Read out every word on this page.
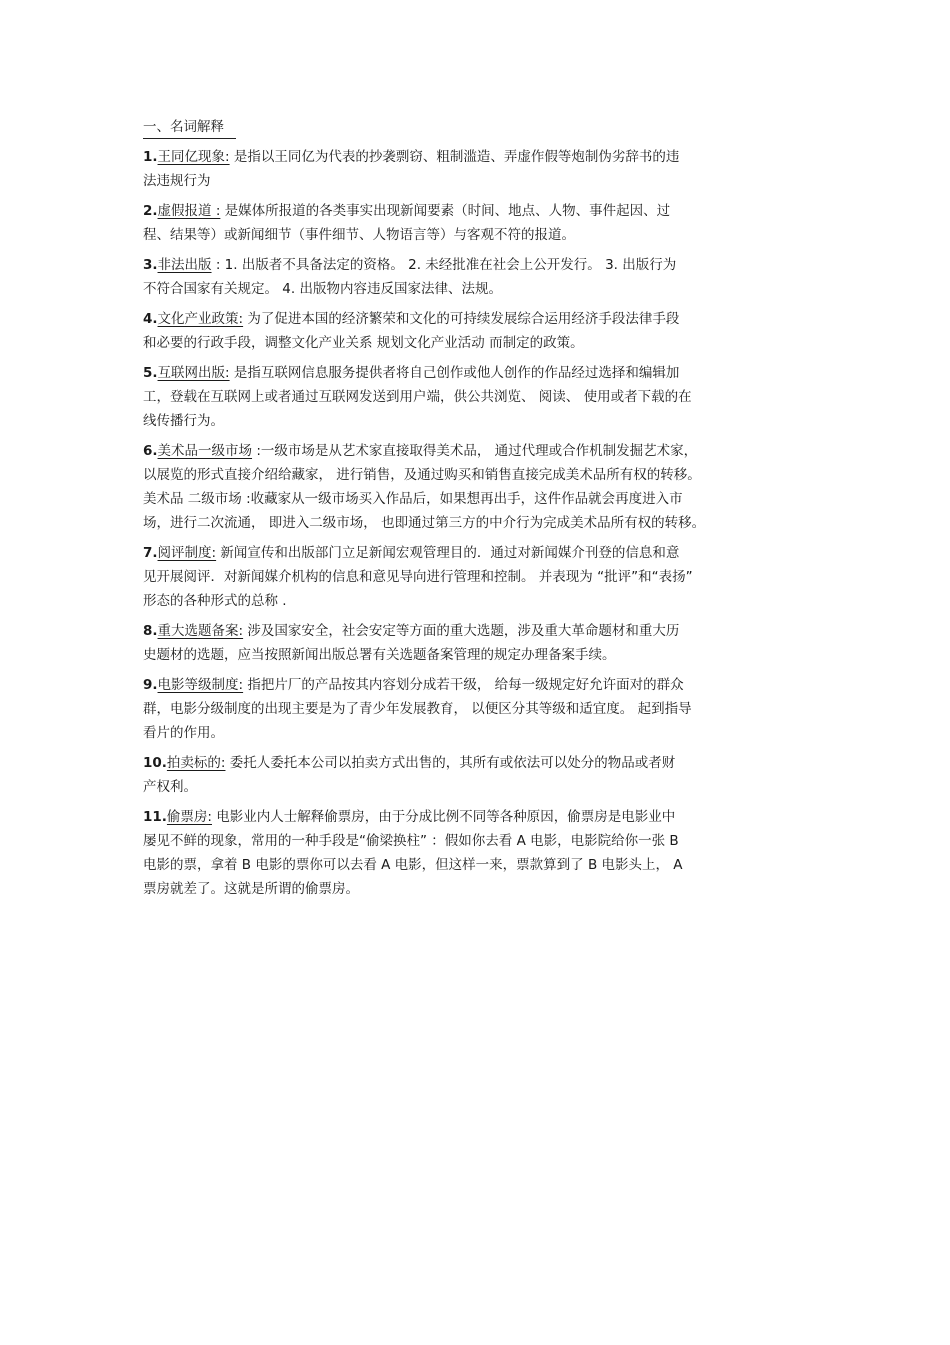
一、名词解释
1.王同亿现象: 是指以王同亿为代表的抄袭剽窃、粗制滥造、弄虚作假等炮制伪劣辞书的违
法违规行为
2.虚假报道 : 是媒体所报道的各类事实出现新闻要素（时间、地点、人物、事件起因、过
程、结果等）或新闻细节（事件细节、人物语言等）与客观不符的报道。
3.非法出版 : 1. 出版者不具备法定的资格。 2. 未经批准在社会上公开发行。 3. 出版行为
不符合国家有关规定。 4. 出版物内容违反国家法律、法规。
4.文化产业政策: 为了促进本国的经济繁荣和文化的可持续发展综合运用经济手段法律手段
和必要的行政手段，调整文化产业关系 规划文化产业活动 而制定的政策。
5.互联网出版: 是指互联网信息服务提供者将自己创作或他人创作的作品经过选择和编辑加
工，登载在互联网上或者通过互联网发送到用户端，供公共浏览、 阅读、 使用或者下载的在
线传播行为。
6.美术品一级市场 :一级市场是从艺术家直接取得美术品， 通过代理或合作机制发掘艺术家，
以展览的形式直接介绍给藏家， 进行销售，及通过购买和销售直接完成美术品所有权的转移。
美术品 二级市场 :收藏家从一级市场买入作品后，如果想再出手，这件作品就会再度进入市
场，进行二次流通， 即进入二级市场， 也即通过第三方的中介行为完成美术品所有权的转移。
7.阅评制度: 新闻宣传和出版部门立足新闻宏观管理目的．通过对新闻媒介刊登的信息和意
见开展阅评．对新闻媒介机构的信息和意见导向进行管理和控制。 并表现为 “批评”和“表扬”
形态的各种形式的总称 .
8.重大选题备案: 涉及国家安全，社会安定等方面的重大选题，涉及重大革命题材和重大历
史题材的选题，应当按照新闻出版总署有关选题备案管理的规定办理备案手续。
9.电影等级制度: 指把片厂的产品按其内容划分成若干级， 给每一级规定好允许面对的群众
群，电影分级制度的出现主要是为了青少年发展教育， 以便区分其等级和适宜度。 起到指导
看片的作用。
10.拍卖标的: 委托人委托本公司以拍卖方式出售的，其所有或依法可以处分的物品或者财
产权利。
11.偷票房: 电影业内人士解释偷票房，由于分成比例不同等各种原因，偷票房是电影业中
屡见不鲜的现象，常用的一种手段是“偷梁换柱” ：假如你去看 A 电影，电影院给你一张 B
电影的票，拿着 B 电影的票你可以去看 A 电影，但这样一来，票款算到了 B 电影头上， A
票房就差了。这就是所谓的偷票房。
